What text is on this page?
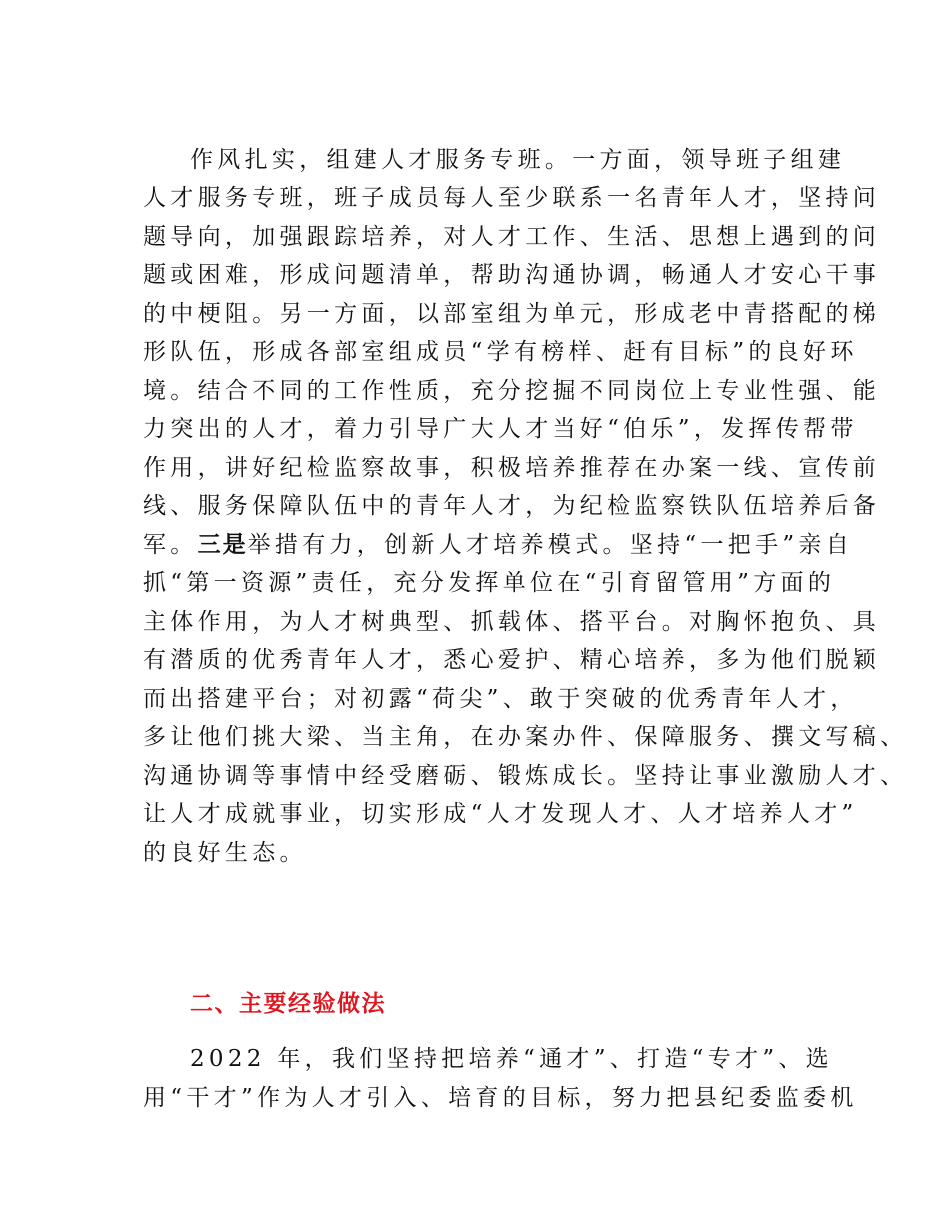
作风扎实，组建人才服务专班。一方面，领导班子组建
人才服务专班，班子成员每人至少联系一名青年人才，坚持问
题导向，加强跟踪培养，对人才工作、生活、思想上遇到的问
题或困难，形成问题清单，帮助沟通协调，畅通人才安心干事
的中梗阻。另一方面，以部室组为单元，形成老中青搭配的梯
形队伍，形成各部室组成员“学有榜样、赶有目标”的良好环
境。结合不同的工作性质，充分挖掘不同岗位上专业性强、能
力突出的人才，着力引导广大人才当好“伯乐”，发挥传帮带
作用，讲好纪检监察故事，积极培养推荐在办案一线、宣传前
线、服务保障队伍中的青年人才，为纪检监察铁队伍培养后备
军。三是举措有力，创新人才培养模式。坚持“一把手”亲自
抓“第一资源”责任，充分发挥单位在“引育留管用”方面的
主体作用，为人才树典型、抓载体、搭平台。对胸怀抱负、具
有潜质的优秀青年人才，悉心爱护、精心培养，多为他们脱颖
而出搭建平台；对初露“荷尖”、敢于突破的优秀青年人才，
多让他们挑大梁、当主角，在办案办件、保障服务、撰文写稿、
沟通协调等事情中经受磨砺、锻炼成长。坚持让事业激励人才、
让人才成就事业，切实形成“人才发现人才、人才培养人才”
的良好生态。
二、主要经验做法
2022 年，我们坚持把培养“通才”、打造“专才”、选
用“干才”作为人才引入、培育的目标，努力把县纪委监委机
